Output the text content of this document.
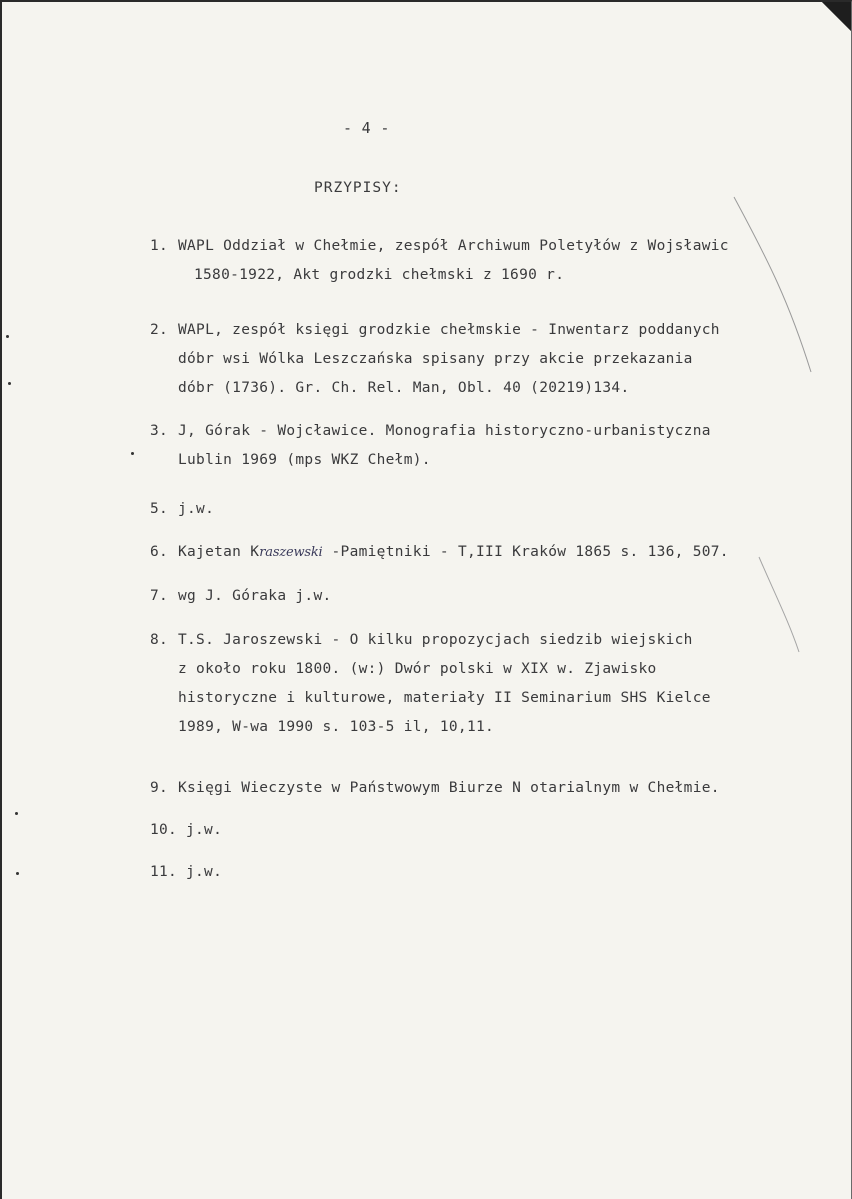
- 4 -
PRZYPISY:
1. WAPL Oddział w Chełmie, zespół Archiwum Poletyłów z Wojsławic
1580-1922, Akt grodzki chełmski z 1690 r.
2. WAPL, zespół księgi grodzkie chełmskie - Inwentarz poddanych
dóbr wsi Wólka Leszczańska spisany przy akcie przekazania
dóbr (1736). Gr. Ch. Rel. Man, Obl. 40 (20219)134.
3. J, Górak - Wojcławice. Monografia historyczno-urbanistyczna
Lublin 1969 (mps WKZ Chełm).
5. j.w.
6. Kajetan Kraszewski -Pamiętniki - T,III Kraków 1865 s. 136, 507.
7. wg J. Góraka j.w.
8. T.S. Jaroszewski - O kilku propozycjach siedzib wiejskich
z około roku 1800. (w:) Dwór polski w XIX w. Zjawisko
historyczne i kulturowe, materiały II Seminarium SHS Kielce
1989, W-wa 1990 s. 103-5 il, 10,11.
9. Księgi Wieczyste w Państwowym Biurze N otarialnym w Chełmie.
10. j.w.
11. j.w.
